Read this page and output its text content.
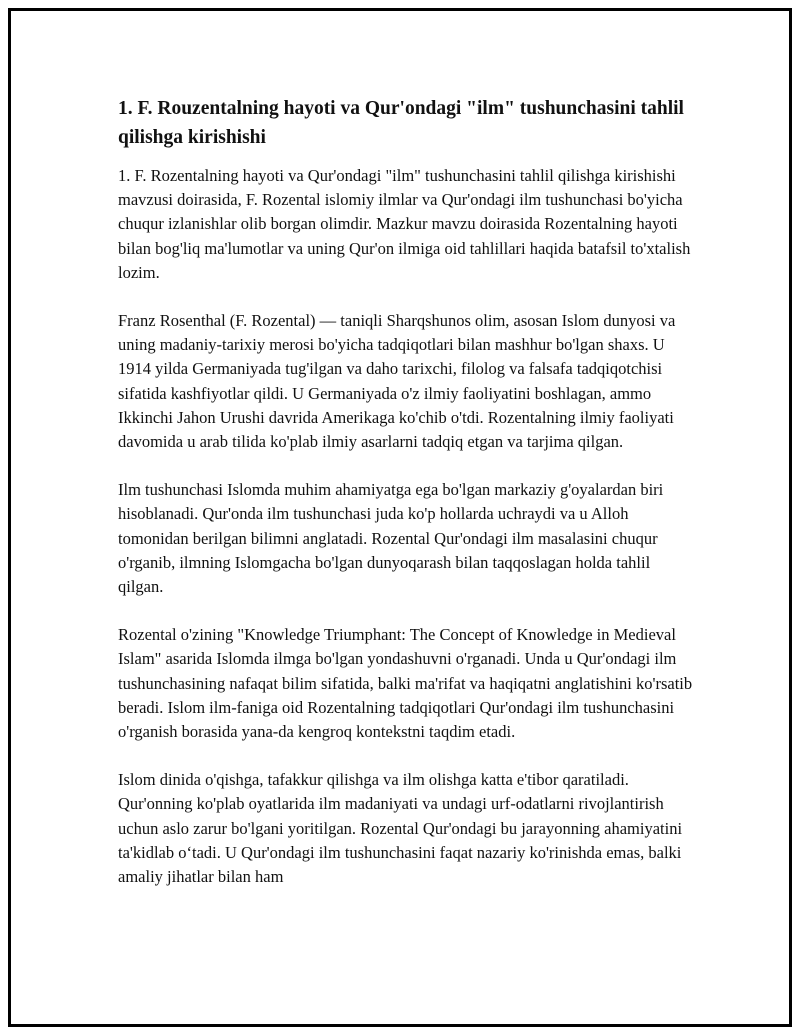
1. F. Rouzentalning hayoti va Qur'ondagi "ilm" tushunchasini tahlil qilishga kirishishi

1. F. Rozentalning hayoti va Qur'ondagi "ilm" tushunchasini tahlil qilishga kirishishi mavzusi doirasida, F. Rozental islomiy ilmlar va Qur'ondagi ilm tushunchasi bo'yicha chuqur izlanishlar olib borgan olimdir. Mazkur mavzu doirasida Rozentalning hayoti bilan bog'liq ma'lumotlar va uning Qur'on ilmiga oid tahlillari haqida batafsil to'xtalish lozim.

Franz Rosenthal (F. Rozental) — taniqli Sharqshunos olim, asosan Islom dunyosi va uning madaniy-tarixiy merosi bo'yicha tadqiqotlari bilan mashhur bo'lgan shaxs. U 1914 yilda Germaniyada tug'ilgan va daho tarixchi, filolog va falsafa tadqiqotchisi sifatida kashfiyotlar qildi. U Germaniyada o'z ilmiy faoliyatini boshlagan, ammo Ikkinchi Jahon Urushi davrida Amerikaga ko'chib o'tdi. Rozentalning ilmiy faoliyati davomida u arab tilida ko'plab ilmiy asarlarni tadqiq etgan va tarjima qilgan.

Ilm tushunchasi Islomda muhim ahamiyatga ega bo'lgan markaziy g'oyalardan biri hisoblanadi. Qur'onda ilm tushunchasi juda ko'p hollarda uchraydi va u Alloh tomonidan berilgan bilimni anglatadi. Rozental Qur'ondagi ilm masalasini chuqur o'rganib, ilmning Islomgacha bo'lgan dunyoqarash bilan taqqoslagan holda tahlil qilgan.

Rozental o'zining "Knowledge Triumphant: The Concept of Knowledge in Medieval Islam" asarida Islomda ilmga bo'lgan yondashuvni o'rganadi. Unda u Qur'ondagi ilm tushunchasining nafaqat bilim sifatida, balki ma'rifat va haqiqatni anglatishini ko'rsatib beradi. Islom ilm-faniga oid Rozentalning tadqiqotlari Qur'ondagi ilm tushunchasini o'rganish borasida yana-da kengroq kontekstni taqdim etadi.

Islom dinida o'qishga, tafakkur qilishga va ilm olishga katta e'tibor qaratiladi. Qur'onning ko'plab oyatlarida ilm madaniyati va undagi urf-odatlarni rivojlantirish uchun aslo zarur bo'lgani yoritilgan. Rozental Qur'ondagi bu jarayonning ahamiyatini ta'kidlab o‘tadi. U Qur'ondagi ilm tushunchasini faqat nazariy ko'rinishda emas, balki amaliy jihatlar bilan ham
